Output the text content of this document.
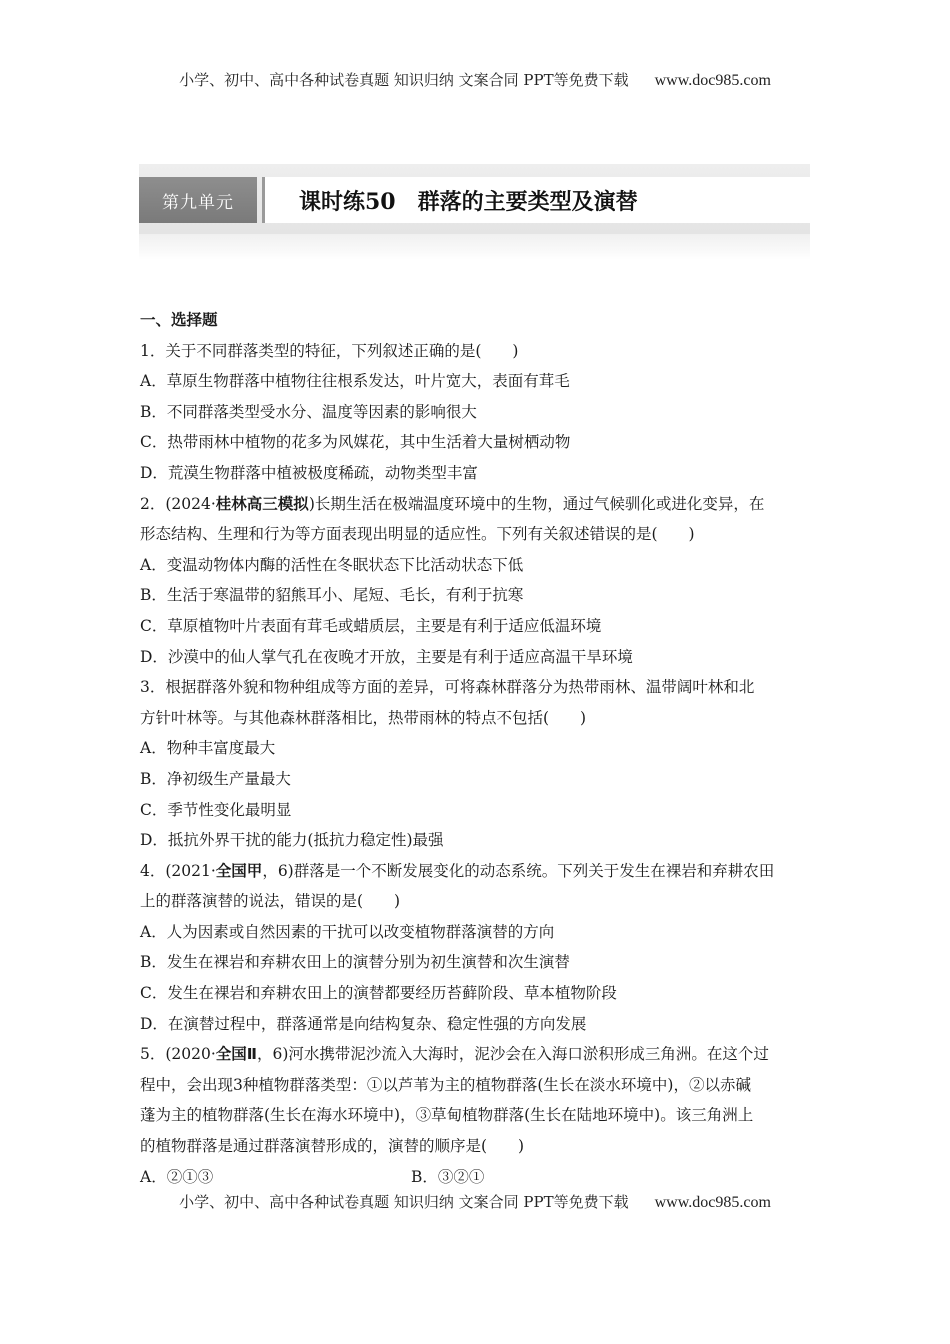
小学、初中、高中各种试卷真题 知识归纳 文案合同 PPT等免费下载 www.doc985.com
第九单元	课时练50　群落的主要类型及演替

一、选择题

1．关于不同群落类型的特征，下列叙述正确的是(　　)

A．草原生物群落中植物往往根系发达，叶片宽大，表面有茸毛

B．不同群落类型受水分、温度等因素的影响很大

C．热带雨林中植物的花多为风媒花，其中生活着大量树栖动物

D．荒漠生物群落中植被极度稀疏，动物类型丰富

2．(2024·桂林高三模拟)长期生活在极端温度环境中的生物，通过气候驯化或进化变异，在

形态结构、生理和行为等方面表现出明显的适应性。下列有关叙述错误的是(　　)

A．变温动物体内酶的活性在冬眠状态下比活动状态下低

B．生活于寒温带的貂熊耳小、尾短、毛长，有利于抗寒

C．草原植物叶片表面有茸毛或蜡质层，主要是有利于适应低温环境

D．沙漠中的仙人掌气孔在夜晚才开放，主要是有利于适应高温干旱环境

3．根据群落外貌和物种组成等方面的差异，可将森林群落分为热带雨林、温带阔叶林和北

方针叶林等。与其他森林群落相比，热带雨林的特点不包括(　　)

A．物种丰富度最大

B．净初级生产量最大

C．季节性变化最明显

D．抵抗外界干扰的能力(抵抗力稳定性)最强

4．(2021·全国甲，6)群落是一个不断发展变化的动态系统。下列关于发生在裸岩和弃耕农田

上的群落演替的说法，错误的是(　　)

A．人为因素或自然因素的干扰可以改变植物群落演替的方向

B．发生在裸岩和弃耕农田上的演替分别为初生演替和次生演替

C．发生在裸岩和弃耕农田上的演替都要经历苔藓阶段、草本植物阶段

D．在演替过程中，群落通常是向结构复杂、稳定性强的方向发展

5．(2020·全国Ⅱ，6)河水携带泥沙流入大海时，泥沙会在入海口淤积形成三角洲。在这个过

程中，会出现3种植物群落类型：①以芦苇为主的植物群落(生长在淡水环境中)，②以赤碱

蓬为主的植物群落(生长在海水环境中)，③草甸植物群落(生长在陆地环境中)。该三角洲上

的植物群落是通过群落演替形成的，演替的顺序是(　　)

A．②①③	B．③②①

小学、初中、高中各种试卷真题 知识归纳 文案合同 PPT等免费下载 www.doc985.com
